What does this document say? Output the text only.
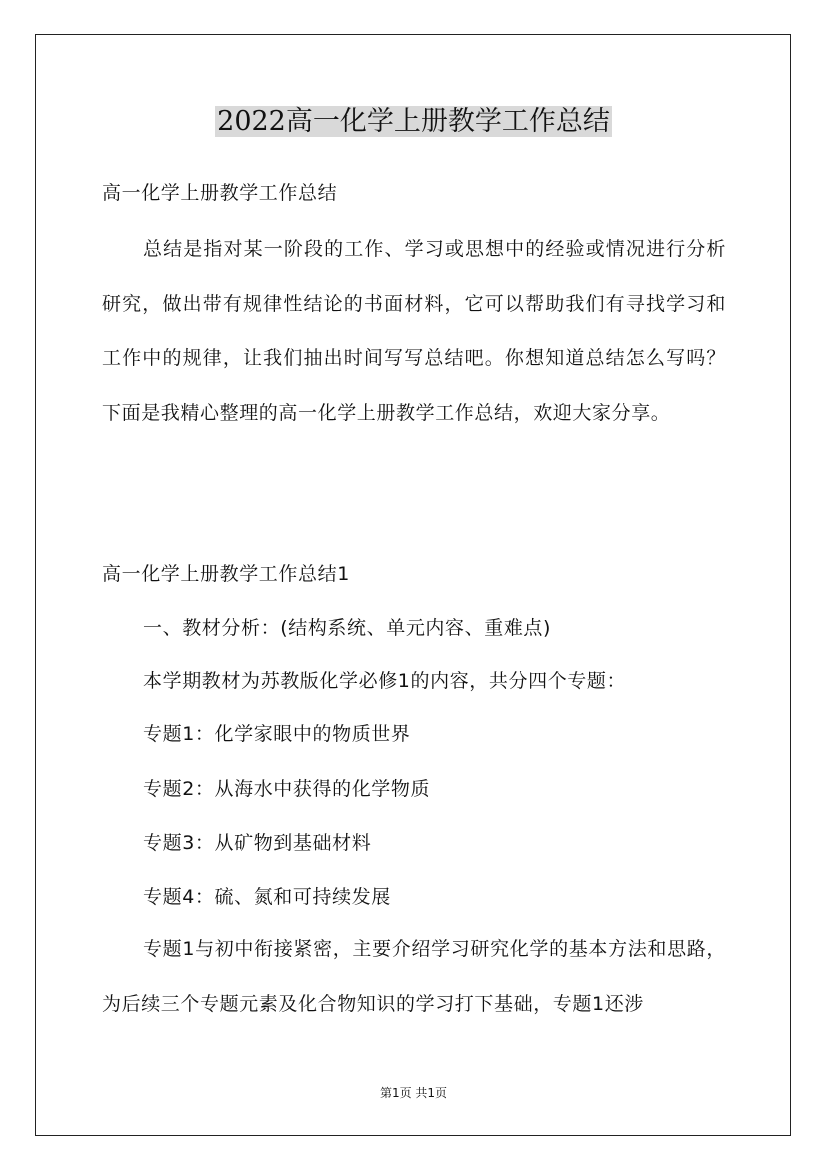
2022高一化学上册教学工作总结
高一化学上册教学工作总结
总结是指对某一阶段的工作、学习或思想中的经验或情况进行分析研究，做出带有规律性结论的书面材料，它可以帮助我们有寻找学习和工作中的规律，让我们抽出时间写写总结吧。你想知道总结怎么写吗？下面是我精心整理的高一化学上册教学工作总结，欢迎大家分享。
高一化学上册教学工作总结1
一、教材分析：(结构系统、单元内容、重难点)
本学期教材为苏教版化学必修1的内容，共分四个专题：
专题1：化学家眼中的物质世界
专题2：从海水中获得的化学物质
专题3：从矿物到基础材料
专题4：硫、氮和可持续发展
专题1与初中衔接紧密，主要介绍学习研究化学的基本方法和思路，为后续三个专题元素及化合物知识的学习打下基础，专题1还涉
第1页 共1页
